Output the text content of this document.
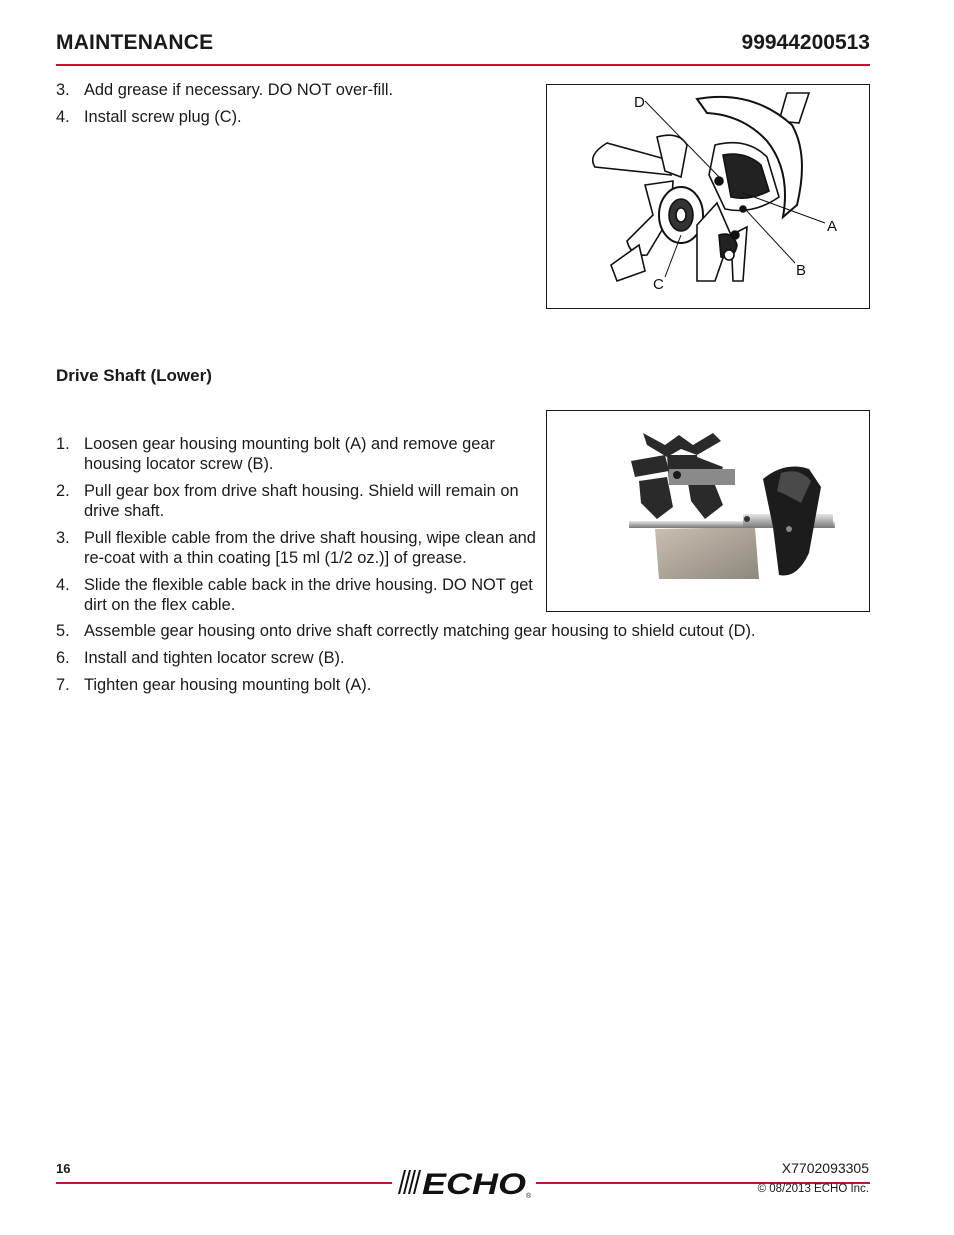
MAINTENANCE	99944200513
3. Add grease if necessary. DO NOT over-fill.
4. Install screw plug (C).
D
A
B
C
Drive Shaft (Lower)
1. Loosen gear housing mounting bolt (A) and remove gear housing locator screw (B).
2. Pull gear box from drive shaft housing. Shield will remain on drive shaft.
3. Pull flexible cable from the drive shaft housing, wipe clean and re-coat with a thin coating [15 ml (1/2 oz.)] of grease.
4. Slide the flexible cable back in the drive housing. DO NOT get dirt on the flex cable.
5. Assemble gear housing onto drive shaft correctly matching gear housing to shield cutout (D).
6. Install and tighten locator screw (B).
7. Tighten gear housing mounting bolt (A).
16	X7702093305
© 08/2013 ECHO Inc.
ECHO ®
